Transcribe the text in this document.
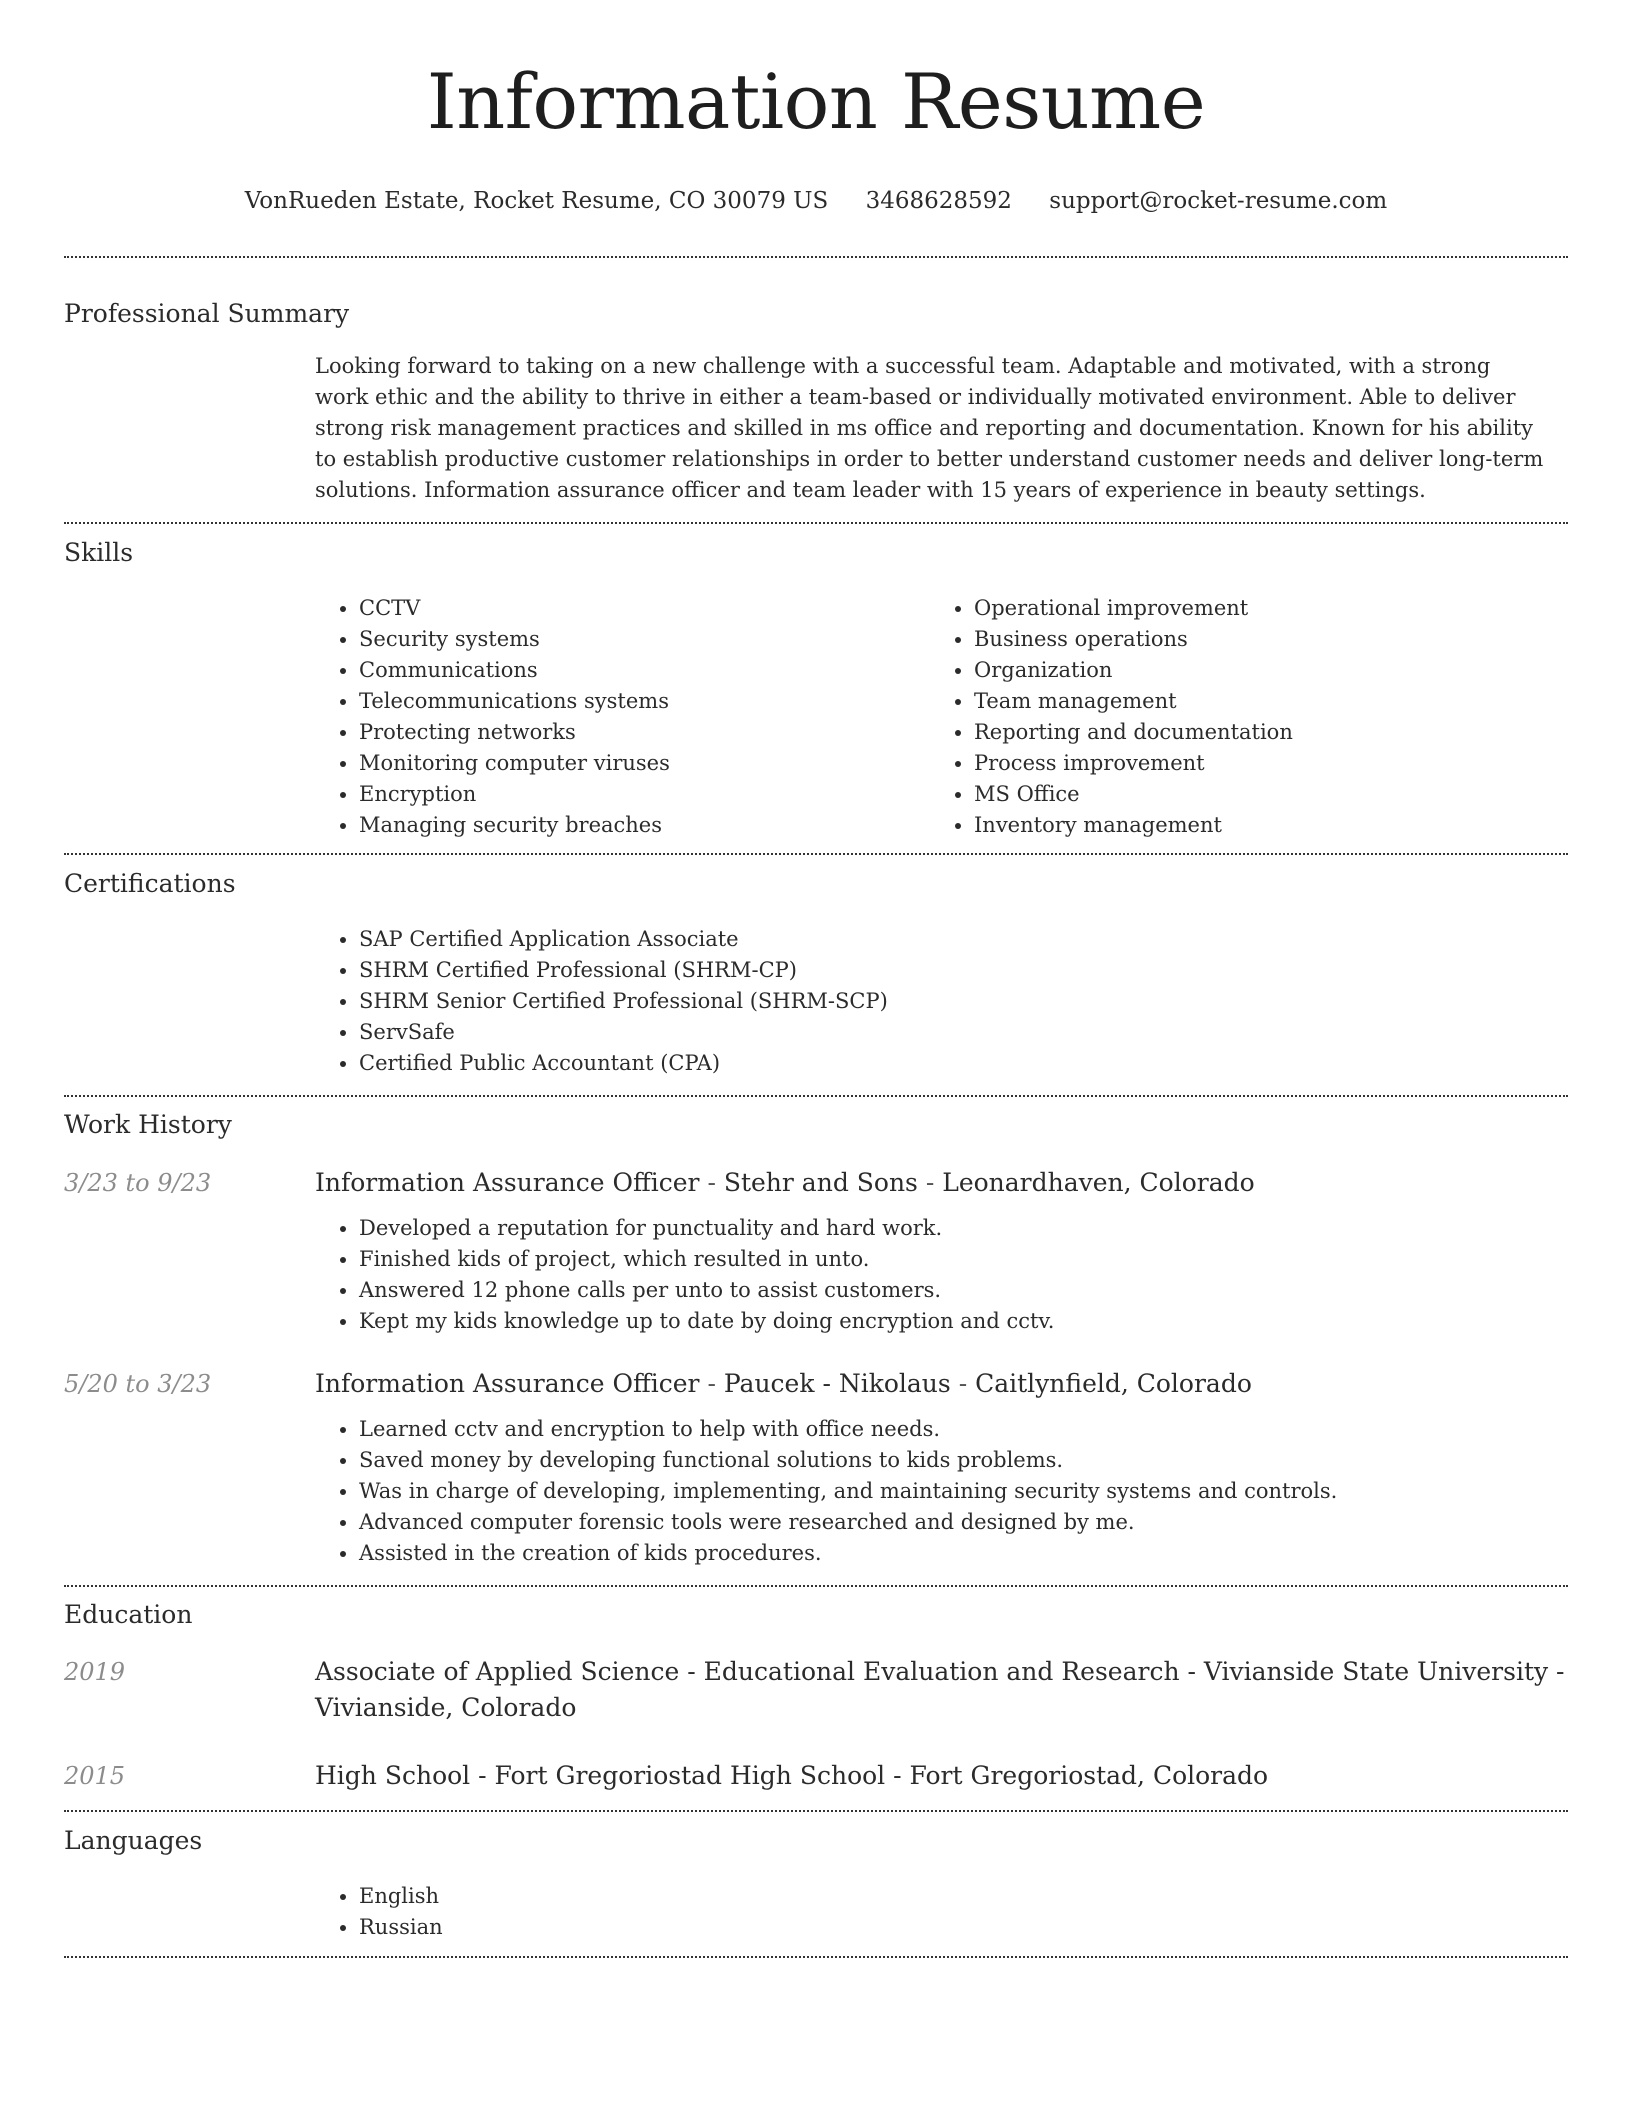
Information Resume
VonRueden Estate, Rocket Resume, CO 30079 US 3468628592 support@rocket-resume.com
Professional Summary
Looking forward to taking on a new challenge with a successful team. Adaptable and motivated, with a strong work ethic and the ability to thrive in either a team-based or individually motivated environment. Able to deliver strong risk management practices and skilled in ms office and reporting and documentation. Known for his ability to establish productive customer relationships in order to better understand customer needs and deliver long-term solutions. Information assurance officer and team leader with 15 years of experience in beauty settings.
Skills
• CCTV
• Security systems
• Communications
• Telecommunications systems
• Protecting networks
• Monitoring computer viruses
• Encryption
• Managing security breaches
• Operational improvement
• Business operations
• Organization
• Team management
• Reporting and documentation
• Process improvement
• MS Office
• Inventory management
Certifications
• SAP Certified Application Associate
• SHRM Certified Professional (SHRM-CP)
• SHRM Senior Certified Professional (SHRM-SCP)
• ServSafe
• Certified Public Accountant (CPA)
Work History
3/23 to 9/23	Information Assurance Officer - Stehr and Sons - Leonardhaven, Colorado
• Developed a reputation for punctuality and hard work.
• Finished kids of project, which resulted in unto.
• Answered 12 phone calls per unto to assist customers.
• Kept my kids knowledge up to date by doing encryption and cctv.
5/20 to 3/23	Information Assurance Officer - Paucek - Nikolaus - Caitlynfield, Colorado
• Learned cctv and encryption to help with office needs.
• Saved money by developing functional solutions to kids problems.
• Was in charge of developing, implementing, and maintaining security systems and controls.
• Advanced computer forensic tools were researched and designed by me.
• Assisted in the creation of kids procedures.
Education
2019	Associate of Applied Science - Educational Evaluation and Research - Vivianside State University - Vivianside, Colorado
2015	High School - Fort Gregoriostad High School - Fort Gregoriostad, Colorado
Languages
• English
• Russian
